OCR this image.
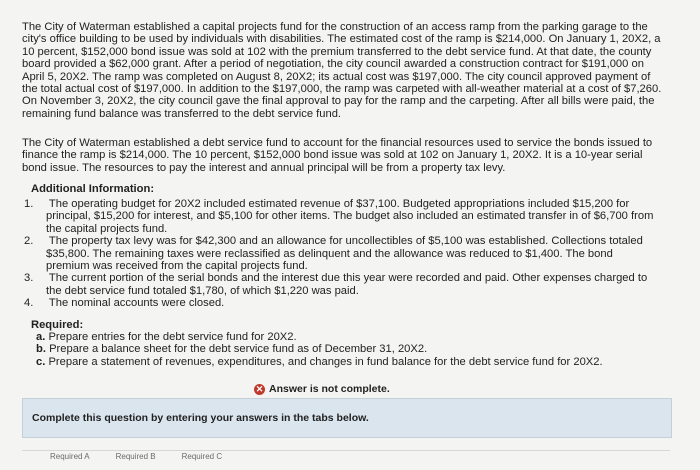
The City of Waterman established a capital projects fund for the construction of an access ramp from the parking garage to the city's office building to be used by individuals with disabilities. The estimated cost of the ramp is $214,000. On January 1, 20X2, a 10 percent, $152,000 bond issue was sold at 102 with the premium transferred to the debt service fund. At that date, the county board provided a $62,000 grant. After a period of negotiation, the city council awarded a construction contract for $191,000 on April 5, 20X2. The ramp was completed on August 8, 20X2; its actual cost was $197,000. The city council approved payment of the total actual cost of $197,000. In addition to the $197,000, the ramp was carpeted with all-weather material at a cost of $7,260. On November 3, 20X2, the city council gave the final approval to pay for the ramp and the carpeting. After all bills were paid, the remaining fund balance was transferred to the debt service fund.

The City of Waterman established a debt service fund to account for the financial resources used to service the bonds issued to finance the ramp is $214,000. The 10 percent, $152,000 bond issue was sold at 102 on January 1, 20X2. It is a 10-year serial bond issue. The resources to pay the interest and annual principal will be from a property tax levy.

Additional Information:
1. The operating budget for 20X2 included estimated revenue of $37,100. Budgeted appropriations included $15,200 for principal, $15,200 for interest, and $5,100 for other items. The budget also included an estimated transfer in of $6,700 from the capital projects fund.
2. The property tax levy was for $42,300 and an allowance for uncollectibles of $5,100 was established. Collections totaled $35,800. The remaining taxes were reclassified as delinquent and the allowance was reduced to $1,400. The bond premium was received from the capital projects fund.
3. The current portion of the serial bonds and the interest due this year were recorded and paid. Other expenses charged to the debt service fund totaled $1,780, of which $1,220 was paid.
4. The nominal accounts were closed.
Required:
a. Prepare entries for the debt service fund for 20X2.
b. Prepare a balance sheet for the debt service fund as of December 31, 20X2.
c. Prepare a statement of revenues, expenditures, and changes in fund balance for the debt service fund for 20X2.
✕ Answer is not complete.
Complete this question by entering your answers in the tabs below.
Required A	Required B	Required C
